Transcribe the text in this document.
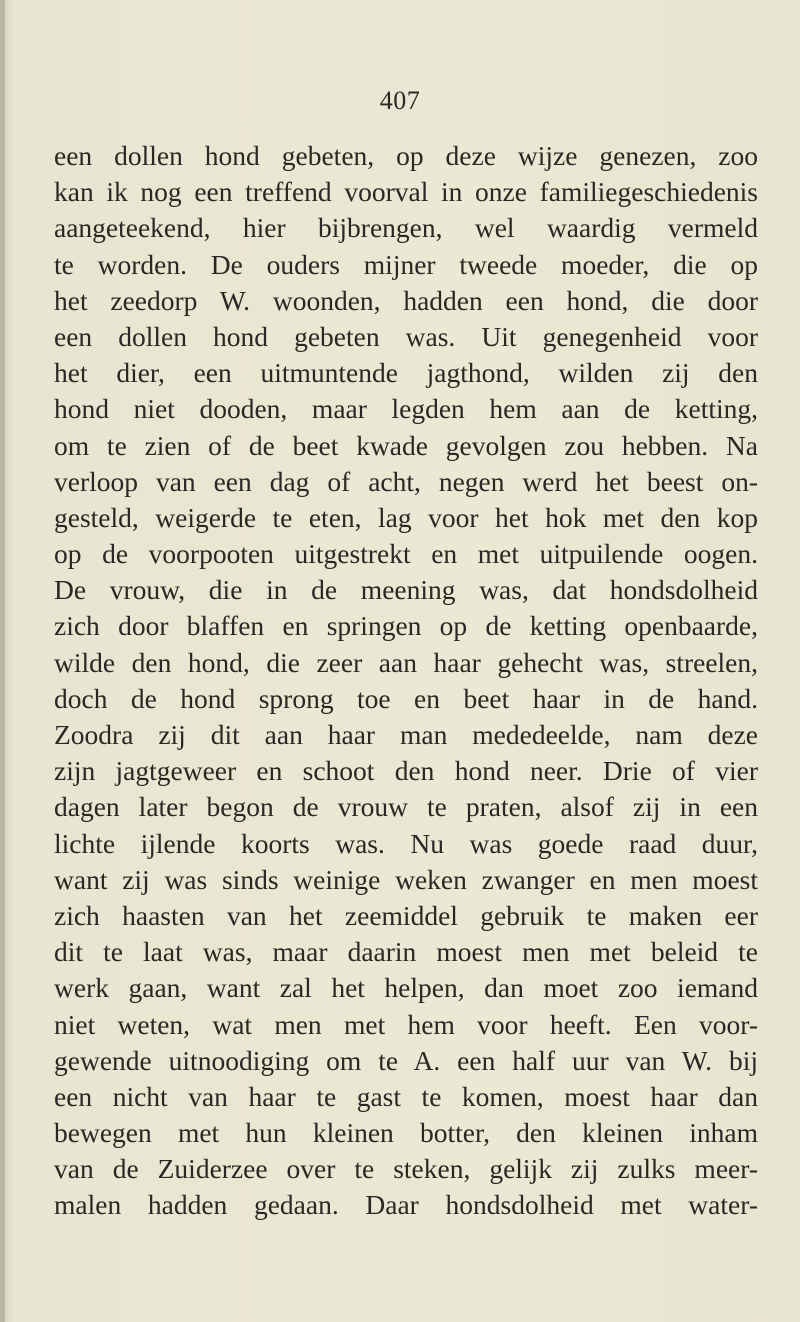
407
een dollen hond gebeten, op deze wijze genezen, zoo
kan ik nog een treffend voorval in onze familiegeschiedenis
aangeteekend, hier bijbrengen, wel waardig vermeld
te worden. De ouders mijner tweede moeder, die op
het zeedorp W. woonden, hadden een hond, die door
een dollen hond gebeten was. Uit genegenheid voor
het dier, een uitmuntende jagthond, wilden zij den
hond niet dooden, maar legden hem aan de ketting,
om te zien of de beet kwade gevolgen zou hebben. Na
verloop van een dag of acht, negen werd het beest on-
gesteld, weigerde te eten, lag voor het hok met den kop
op de voorpooten uitgestrekt en met uitpuilende oogen.
De vrouw, die in de meening was, dat hondsdolheid
zich door blaffen en springen op de ketting openbaarde,
wilde den hond, die zeer aan haar gehecht was, streelen,
doch de hond sprong toe en beet haar in de hand.
Zoodra zij dit aan haar man mededeelde, nam deze
zijn jagtgeweer en schoot den hond neer. Drie of vier
dagen later begon de vrouw te praten, alsof zij in een
lichte ijlende koorts was. Nu was goede raad duur,
want zij was sinds weinige weken zwanger en men moest
zich haasten van het zeemiddel gebruik te maken eer
dit te laat was, maar daarin moest men met beleid te
werk gaan, want zal het helpen, dan moet zoo iemand
niet weten, wat men met hem voor heeft. Een voor-
gewende uitnoodiging om te A. een half uur van W. bij
een nicht van haar te gast te komen, moest haar dan
bewegen met hun kleinen botter, den kleinen inham
van de Zuiderzee over te steken, gelijk zij zulks meer-
malen hadden gedaan. Daar hondsdolheid met water-
